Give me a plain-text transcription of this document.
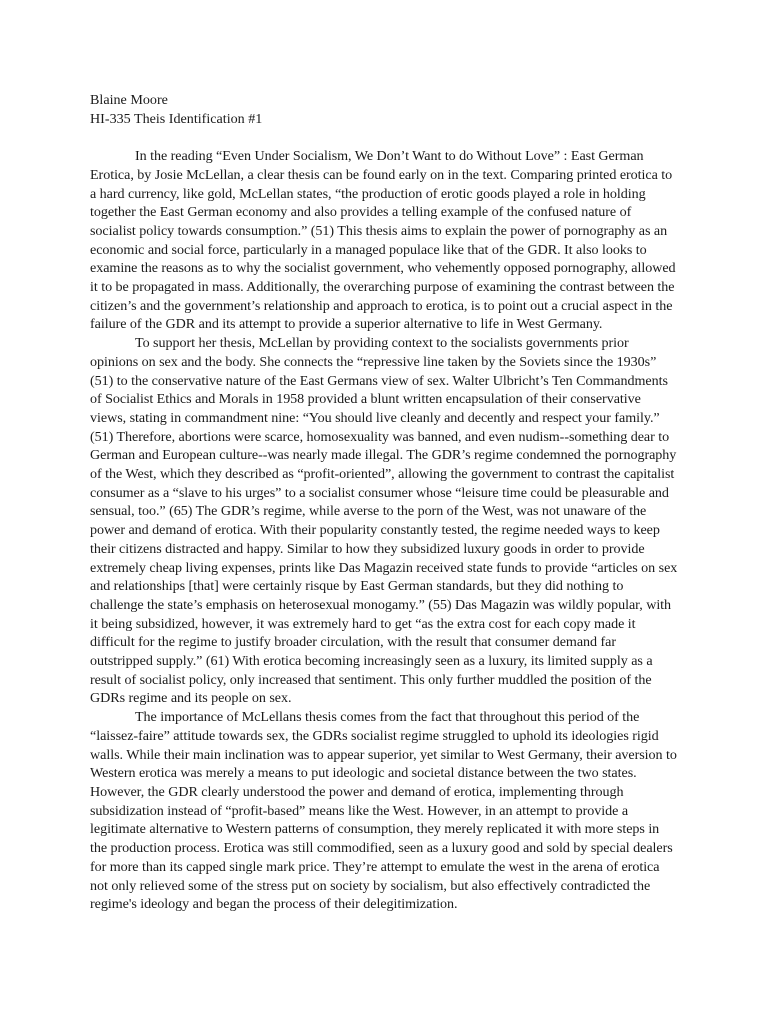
Blaine Moore

HI-335 Theis Identification #1

In the reading “Even Under Socialism, We Don’t Want to do Without Love” : East German Erotica, by Josie McLellan, a clear thesis can be found early on in the text. Comparing printed erotica to a hard currency, like gold, McLellan states, “the production of erotic goods played a role in holding together the East German economy and also provides a telling example of the confused nature of socialist policy towards consumption.” (51) This thesis aims to explain the power of pornography as an economic and social force, particularly in a managed populace like that of the GDR. It also looks to examine the reasons as to why the socialist government, who vehemently opposed pornography, allowed it to be propagated in mass. Additionally, the overarching purpose of examining the contrast between the citizen’s and the government’s relationship and approach to erotica, is to point out a crucial aspect in the failure of the GDR and its attempt to provide a superior alternative to life in West Germany.

To support her thesis, McLellan by providing context to the socialists governments prior opinions on sex and the body. She connects the “repressive line taken by the Soviets since the 1930s” (51) to the conservative nature of the East Germans view of sex. Walter Ulbricht’s Ten Commandments of Socialist Ethics and Morals in 1958 provided a blunt written encapsulation of their conservative views, stating in commandment nine: “You should live cleanly and decently and respect your family.” (51) Therefore, abortions were scarce, homosexuality was banned, and even nudism--something dear to German and European culture--was nearly made illegal. The GDR’s regime condemned the pornography of the West, which they described as “profit-oriented”, allowing the government to contrast the capitalist consumer as a “slave to his urges” to a socialist consumer whose “leisure time could be pleasurable and sensual, too.” (65) The GDR’s regime, while averse to the porn of the West, was not unaware of the power and demand of erotica. With their popularity constantly tested, the regime needed ways to keep their citizens distracted and happy. Similar to how they subsidized luxury goods in order to provide extremely cheap living expenses, prints like Das Magazin received state funds to provide “articles on sex and relationships [that] were certainly risque by East German standards, but they did nothing to challenge the state’s emphasis on heterosexual monogamy.” (55) Das Magazin was wildly popular, with it being subsidized, however, it was extremely hard to get “as the extra cost for each copy made it difficult for the regime to justify broader circulation, with the result that consumer demand far outstripped supply.” (61) With erotica becoming increasingly seen as a luxury, its limited supply as a result of socialist policy, only increased that sentiment. This only further muddled the position of the GDRs regime and its people on sex.

The importance of McLellans thesis comes from the fact that throughout this period of the “laissez-faire” attitude towards sex, the GDRs socialist regime struggled to uphold its ideologies rigid walls. While their main inclination was to appear superior, yet similar to West Germany, their aversion to Western erotica was merely a means to put ideologic and societal distance between the two states. However, the GDR clearly understood the power and demand of erotica, implementing through subsidization instead of “profit-based” means like the West. However, in an attempt to provide a legitimate alternative to Western patterns of consumption, they merely replicated it with more steps in the production process. Erotica was still commodified, seen as a luxury good and sold by special dealers for more than its capped single mark price. They’re attempt to emulate the west in the arena of erotica not only relieved some of the stress put on society by socialism, but also effectively contradicted the regime's ideology and began the process of their delegitimization.
